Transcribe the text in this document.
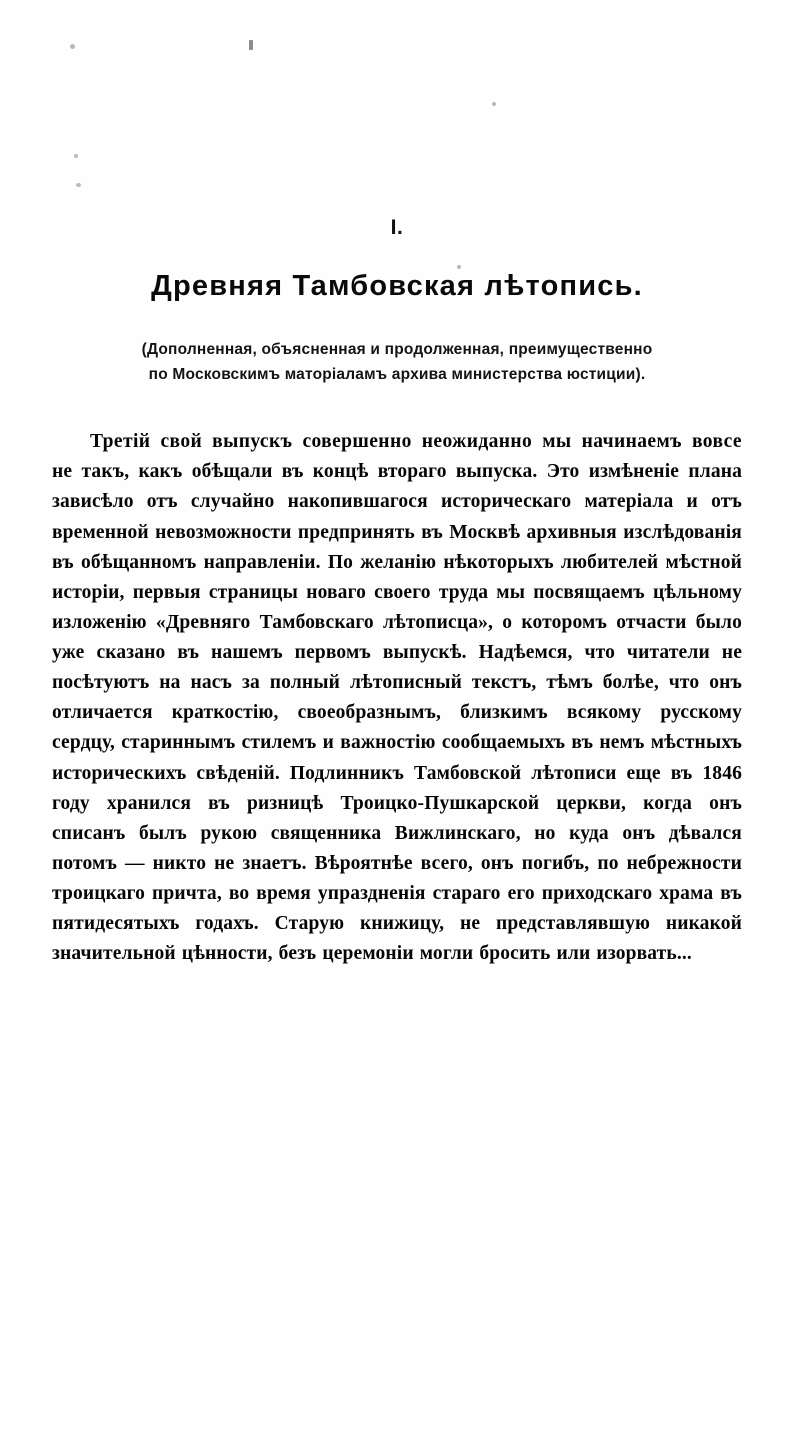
I.
Древняя Тамбовская лѣтопись.
(Дополненная, объясненная и продолженная, преимущественно
по Московскимъ маторіаламъ архива министерства юстиции).

Третій свой выпускъ совершенно неожиданно мы начинаемъ вовсе не такъ, какъ обѣщали въ концѣ втораго выпуска. Это измѣненіе плана зависѣло отъ случайно накопившагося историческаго матеріала и отъ временной невозможности предпринять въ Москвѣ архивныя изслѣдованія въ обѣщанномъ направленіи. По желанію нѣкоторыхъ любителей мѣстной исторіи, первыя страницы новаго своего труда мы посвящаемъ цѣльному изложенію «Древняго Тамбовскаго лѣтописца», о которомъ отчасти было уже сказано въ нашемъ первомъ выпускѣ. Надѣемся, что читатели не посѣтуютъ на насъ за полный лѣтописный текстъ, тѣмъ болѣе, что онъ отличается краткостію, своеобразнымъ, близкимъ всякому русскому сердцу, стариннымъ стилемъ и важностію сообщаемыхъ въ немъ мѣстныхъ историческихъ свѣденій. Подлинникъ Тамбовской лѣтописи еще въ 1846 году хранился въ ризницѣ Троицко-Пушкарской церкви, когда онъ списанъ былъ рукою священника Вижлинскаго, но куда онъ дѣвался потомъ — никто не знаетъ. Вѣроятнѣе всего, онъ погибъ, по небрежности троицкаго причта, во время упраздненія стараго его приходскаго храма въ пятидесятыхъ годахъ. Старую книжицу, не представлявшую никакой значительной цѣнности, безъ церемоніи могли бросить или изорвать...
